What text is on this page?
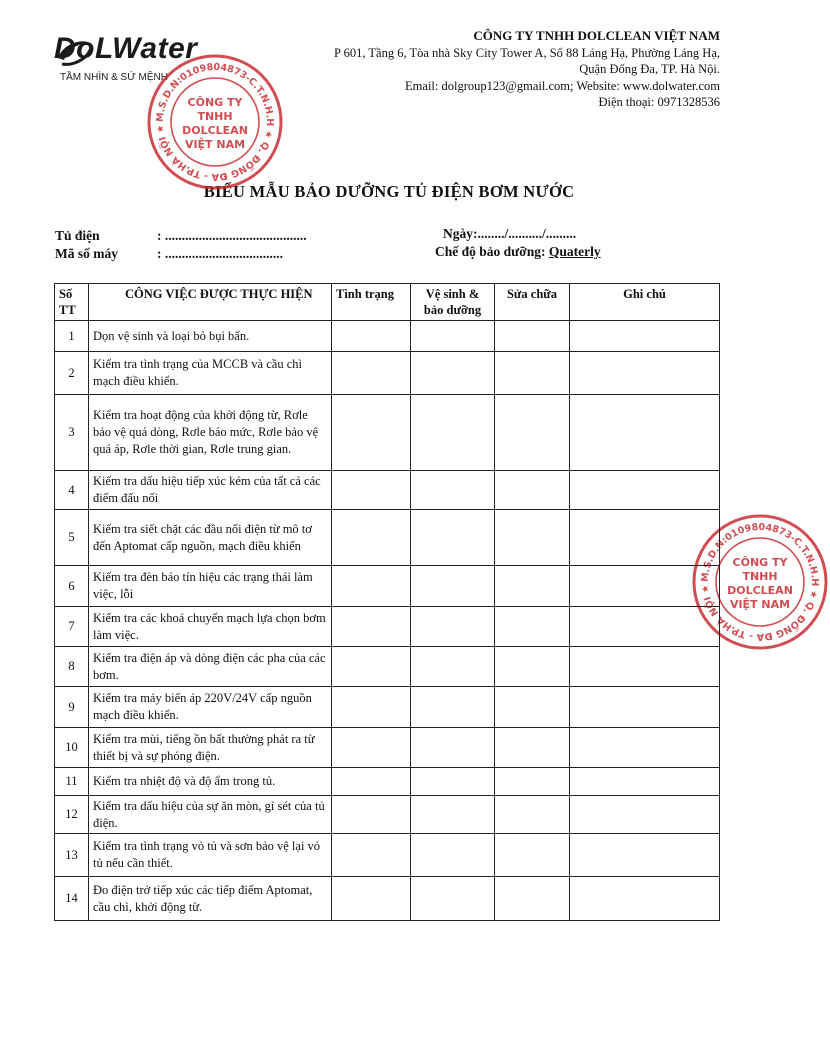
DoLWater
TẦM NHÌN & SỨ MỆNH
CÔNG TY TNHH DOLCLEAN VIỆT NAM
P 601, Tầng 6, Tòa nhà Sky City Tower A, Số 88 Láng Hạ, Phường Láng Hạ,
Quận Đống Đa, TP. Hà Nội.
Email: dolgroup123@gmail.com; Website: www.dolwater.com
Điện thoại: 0971328536
BIỂU MẪU BẢO DƯỠNG TỦ ĐIỆN BƠM NƯỚC
M.S.D.N:0109804873-C.T.N.H.H ★ Q. ĐỐNG ĐA - TP.HÀ NỘI ★
CÔNG TY
TNHH
DOLCLEAN
VIỆT NAM
M.S.D.N:0109804873-C.T.N.H.H ★ Q. ĐỐNG ĐA - TP.HÀ NỘI ★
CÔNG TY
TNHH
DOLCLEAN
VIỆT NAM
Tủ điện	: ..........................................
Mã số máy	: ...................................
Ngày:......../........../.........
Chế độ bảo dưỡng: Quaterly
Số TT	CÔNG VIỆC ĐƯỢC THỰC HIỆN	Tình trạng	Vệ sinh & bảo dưỡng	Sửa chữa	Ghi chú
1	Dọn vệ sinh và loại bỏ bụi bẩn.				
2	Kiểm tra tình trạng của MCCB và cầu chì mạch điều khiển.				
3	Kiểm tra hoạt động của khởi động từ, Rơle bảo vệ quá dòng, Rơle báo mức, Rơle bảo vệ quá áp, Rơle thời gian, Rơle trung gian.				
4	Kiểm tra dấu hiệu tiếp xúc kém của tất cả các điểm đấu nối				
5	Kiểm tra siết chặt các đầu nối điện từ mô tơ đến Aptomat cấp nguồn, mạch điều khiển				
6	Kiểm tra đèn báo tín hiệu các trạng thái làm việc, lỗi				
7	Kiểm tra các khoá chuyển mạch lựa chọn bơm làm việc.				
8	Kiểm tra điện áp và dòng điện các pha của các bơm.				
9	Kiểm tra máy biến áp 220V/24V cấp nguồn mạch điều khiển.				
10	Kiểm tra mùi, tiếng ồn bất thường phát ra từ thiết bị và sự phóng điện.				
11	Kiểm tra nhiệt độ và độ ẩm trong tủ.				
12	Kiểm tra dấu hiệu của sự ăn mòn, gỉ sét của tủ điện.				
13	Kiểm tra tình trạng vỏ tủ và sơn bảo vệ lại vỏ tủ nếu cần thiết.				
14	Đo điện trở tiếp xúc các tiếp điểm Aptomat, cầu chì, khởi động từ.				
